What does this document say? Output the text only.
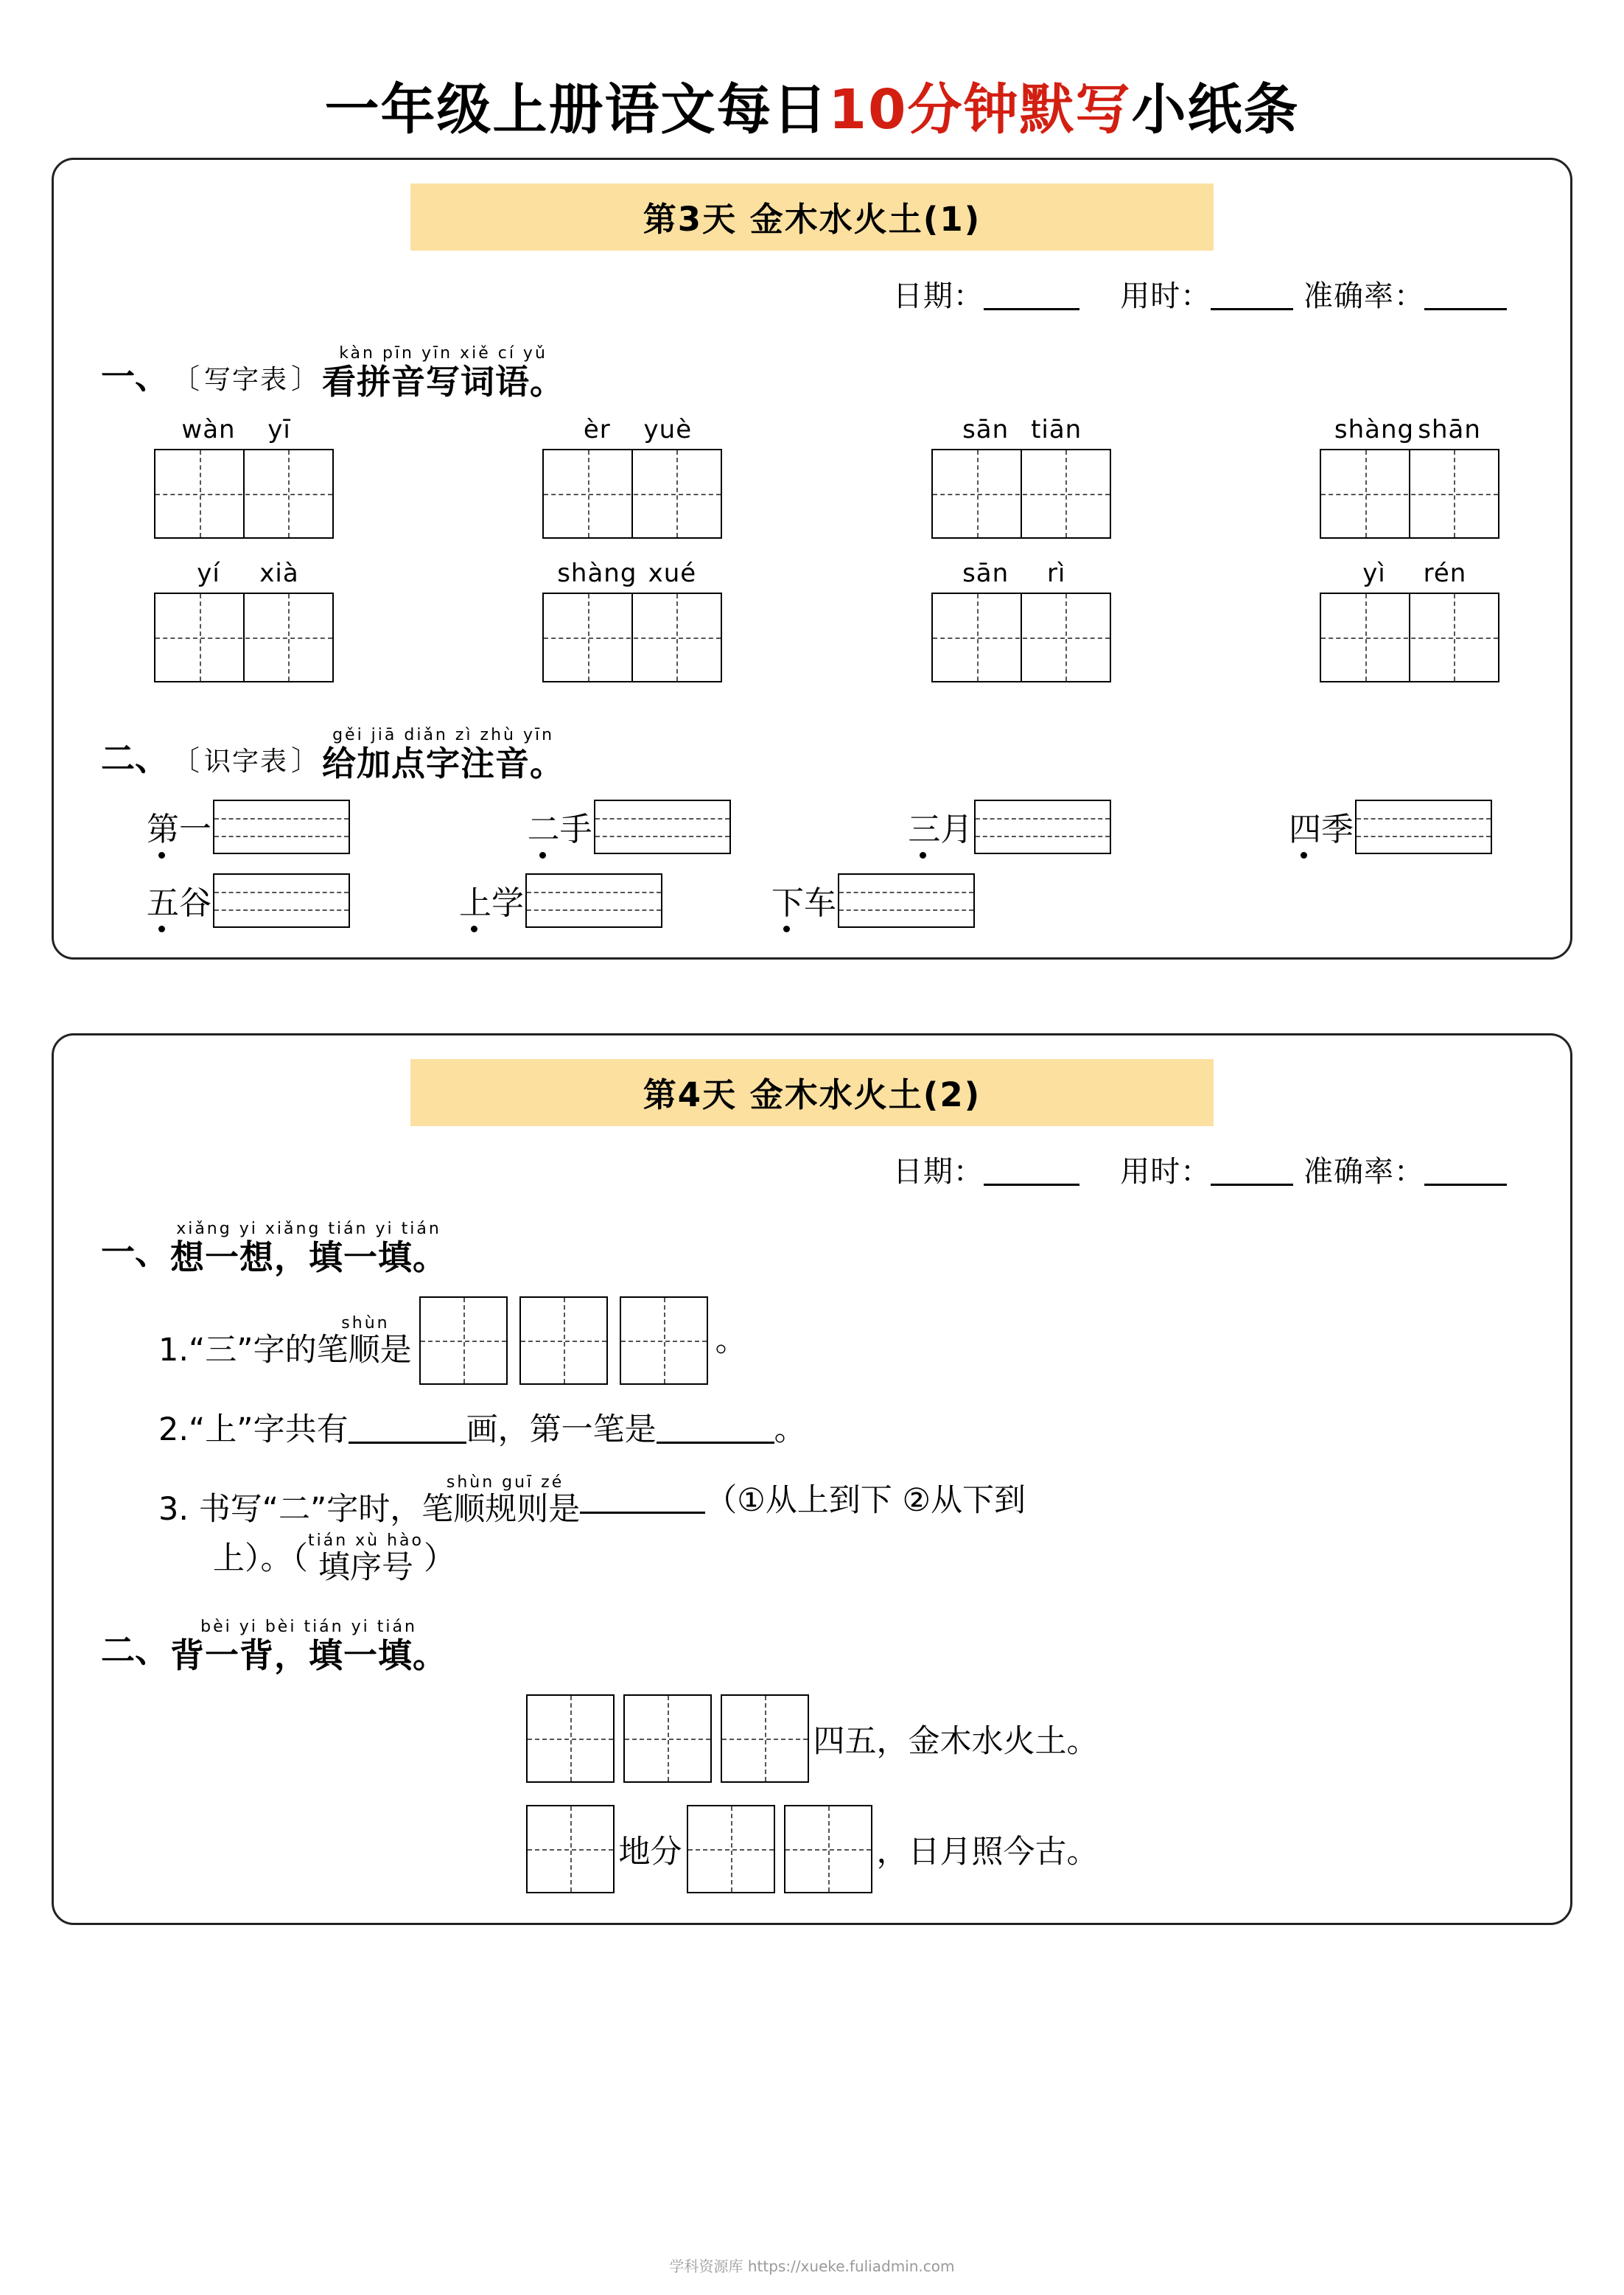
一年级上册语文每日10分钟默写小纸条
第3天 金木水火土(1)
日期：	用时：	准确率：
一、 〔 写字表 〕
kàn pīn yīn xiě cí yǔ
看拼音写词语。
wàn yī	èr yuè	sān tiān	shàng shān
yí xià	shàng xué	sān rì	yì rén
二、 〔 识字表 〕
gěi jiā diǎn zì zhù yīn
给加点字注音。
第一	二手	三月	四季
五谷	上学	下车
第4天 金木水火土(2)
日期：	用时：	准确率：
一、
xiǎng yi xiǎng tián yi tián
想一想，填一填。
shùn
1.“三”字的笔顺是	。
2.“上”字共有	画，第一笔是	。
shùn guī zé
3. 书写“二”字时，笔顺规则是	（①从上到下 ②从下到
上）。（ tián xù hào
填序号 ）
二、
bèi yi bèi tián yi tián
背一背，填一填。
四五，金木水火土。
地分	，日月照今古。
学科资源库 https://xueke.fuliadmin.com
